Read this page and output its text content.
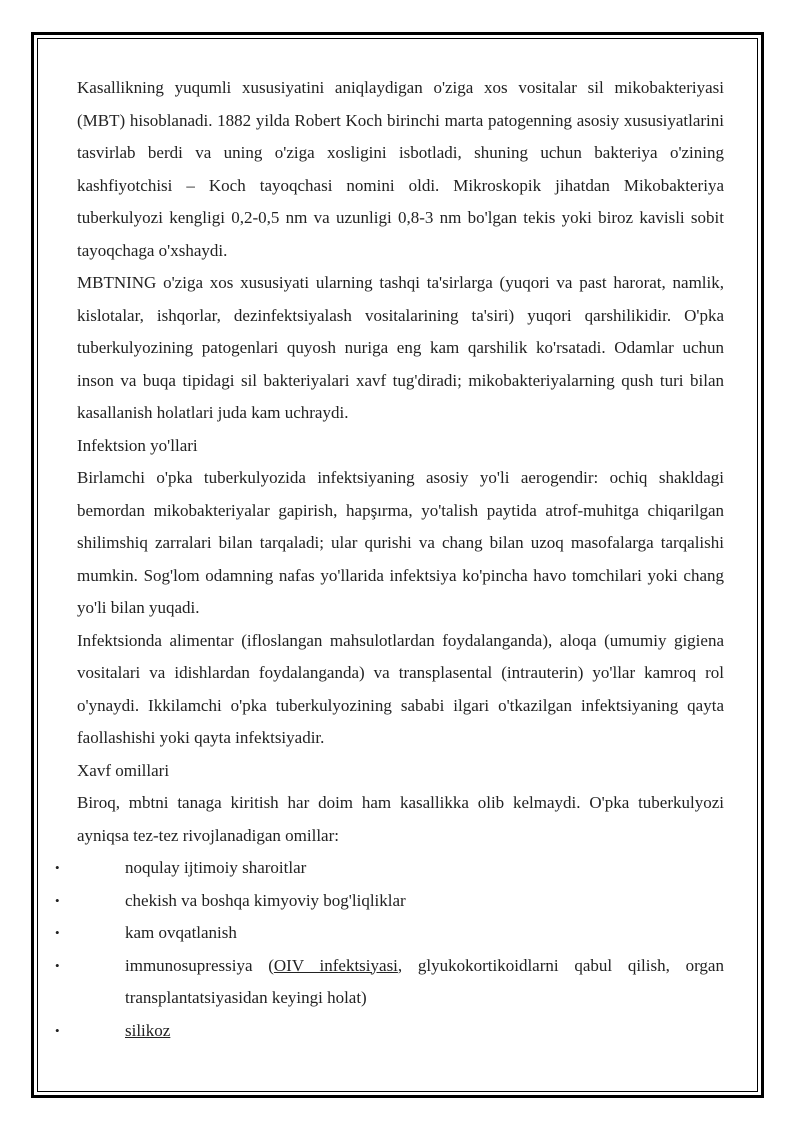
Kasallikning yuqumli xususiyatini aniqlaydigan o'ziga xos vositalar sil mikobakteriyasi (MBT) hisoblanadi. 1882 yilda Robert Koch birinchi marta patogenning asosiy xususiyatlarini tasvirlab berdi va uning o'ziga xosligini isbotladi, shuning uchun bakteriya o'zining kashfiyotchisi – Koch tayoqchasi nomini oldi. Mikroskopik jihatdan Mikobakteriya tuberkulyozi kengligi 0,2-0,5 nm va uzunligi 0,8-3 nm bo'lgan tekis yoki biroz kavisli sobit tayoqchaga o'xshaydi.

MBTNING o'ziga xos xususiyati ularning tashqi ta'sirlarga (yuqori va past harorat, namlik, kislotalar, ishqorlar, dezinfektsiyalash vositalarining ta'siri) yuqori qarshilikidir. O'pka tuberkulyozining patogenlari quyosh nuriga eng kam qarshilik ko'rsatadi. Odamlar uchun inson va buqa tipidagi sil bakteriyalari xavf tug'diradi; mikobakteriyalarning qush turi bilan kasallanish holatlari juda kam uchraydi.

Infektsion yo'llari

Birlamchi o'pka tuberkulyozida infektsiyaning asosiy yo'li aerogendir: ochiq shakldagi bemordan mikobakteriyalar gapirish, hapşırma, yo'talish paytida atrof-muhitga chiqarilgan shilimshiq zarralari bilan tarqaladi; ular qurishi va chang bilan uzoq masofalarga tarqalishi mumkin. Sog'lom odamning nafas yo'llarida infektsiya ko'pincha havo tomchilari yoki chang yo'li bilan yuqadi.

Infektsionda alimentar (ifloslangan mahsulotlardan foydalanganda), aloqa (umumiy gigiena vositalari va idishlardan foydalanganda) va transplasental (intrauterin) yo'llar kamroq rol o'ynaydi. Ikkilamchi o'pka tuberkulyozining sababi ilgari o'tkazilgan infektsiyaning qayta faollashishi yoki qayta infektsiyadir.

Xavf omillari

Biroq, mbtni tanaga kiritish har doim ham kasallikka olib kelmaydi. O'pka tuberkulyozi ayniqsa tez-tez rivojlanadigan omillar:

•	noqulay ijtimoiy sharoitlar
•	chekish va boshqa kimyoviy bog'liqliklar
•	kam ovqatlanish
•	immunosupressiya (OIV infektsiyasi, glyukokortikoidlarni qabul qilish, organ transplantatsiyasidan keyingi holat)
•	silikoz
